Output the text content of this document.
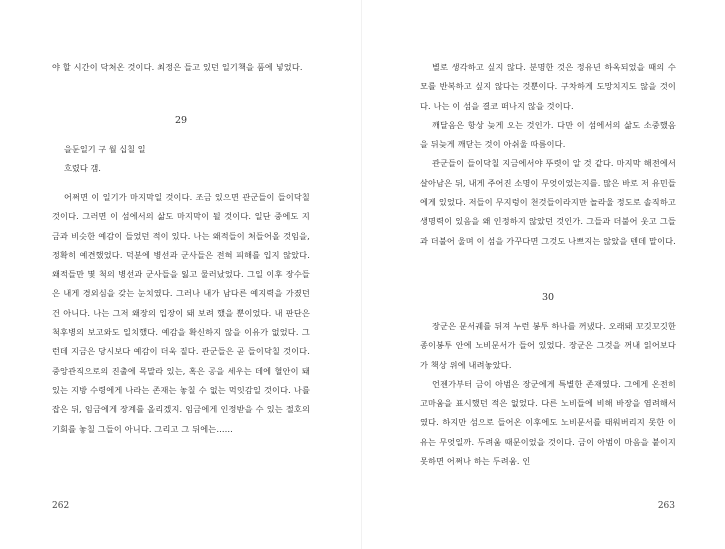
야 할 시간이 닥쳐온 것이다. 최정은 들고 있던 일기책을 품에 넣었다.

29

을둔일기 구 월 십칠 일

흐렸다 갬.

어쩌면 이 일기가 마지막일 것이다. 조금 있으면 관군들이 들이닥칠 것이다. 그러면 이 섬에서의 삶도 마지막이 될 것이다. 일단 중에도 지금과 비슷한 예감이 들었던 적이 있다. 나는 왜적들이 쳐들어올 것임을, 정확히 예견했었다. 덕분에 병선과 군사들은 전혀 피해를 입지 않았다. 왜적들만 몇 척의 병선과 군사들을 잃고 물러났었다. 그일 이후 장수들은 내게 경외심을 갖는 눈치였다. 그러나 내가 남다른 예지력을 가졌던 건 아니다. 나는 그저 왜장의 입장이 돼 보려 했을 뿐이었다. 내 판단은 척후병의 보고와도 일치했다. 예감을 확신하지 않을 이유가 없었다. 그런데 지금은 당시보다 예감이 더욱 짙다. 관군들은 곧 들이닥칠 것이다. 중앙관직으로의 진출에 목말라 있는, 혹은 공을 세우는 데에 혈안이 돼 있는 지방 수령에게 나라는 존재는 놓칠 수 없는 먹잇감일 것이다. 나를 잡은 뒤, 임금에게 장계를 올리겠지. 임금에게 인정받을 수 있는 절호의 기회를 놓칠 그들이 아니다. 그리고 그 뒤에는……

262

별로 생각하고 싶지 않다. 분명한 것은 정유년 하옥되었을 때의 수모를 반복하고 싶지 않다는 것뿐이다. 구차하게 도망치지도 않을 것이다. 나는 이 섬을 결코 떠나지 않을 것이다.

깨달음은 항상 늦게 오는 것인가. 다만 이 섬에서의 삶도 소중했음을 뒤늦게 깨닫는 것이 아쉬울 따름이다.

관군들이 들이닥칠 지금에서야 뚜렷이 알 것 같다. 마지막 해전에서 살아남은 뒤, 내게 주어진 소명이 무엇이었는지를. 많은 바로 저 유민들에게 있었다. 저들이 무지렁이 천것들이라지만 놀라울 정도로 솔직하고 생명력이 있음을 왜 인정하지 않았던 것인가. 그들과 더불어 웃고 그들과 더불어 울며 이 섬을 가꾸다면 그것도 나쁘지는 않았을 텐데 말이다.

30

장군은 문서궤를 뒤져 누런 봉투 하나를 꺼냈다. 오래돼 꼬깃꼬깃한 종이봉투 안에 노비문서가 들어 있었다. 장군은 그것을 꺼내 읽어보다가 책상 위에 내려놓았다.

언젠가부터 금이 아범은 장군에게 특별한 존재였다. 그에게 온전히 고마움을 표시했던 적은 없었다. 다른 노비들에 비해 바장을 염려해서였다. 하지만 섬으로 들어온 이후에도 노비문서를 태워버리지 못한 이유는 무엇일까. 두려움 때문이었을 것이다. 금이 아범이 마음을 붙이지 못하면 어쩌나 하는 두려움. 인

263
